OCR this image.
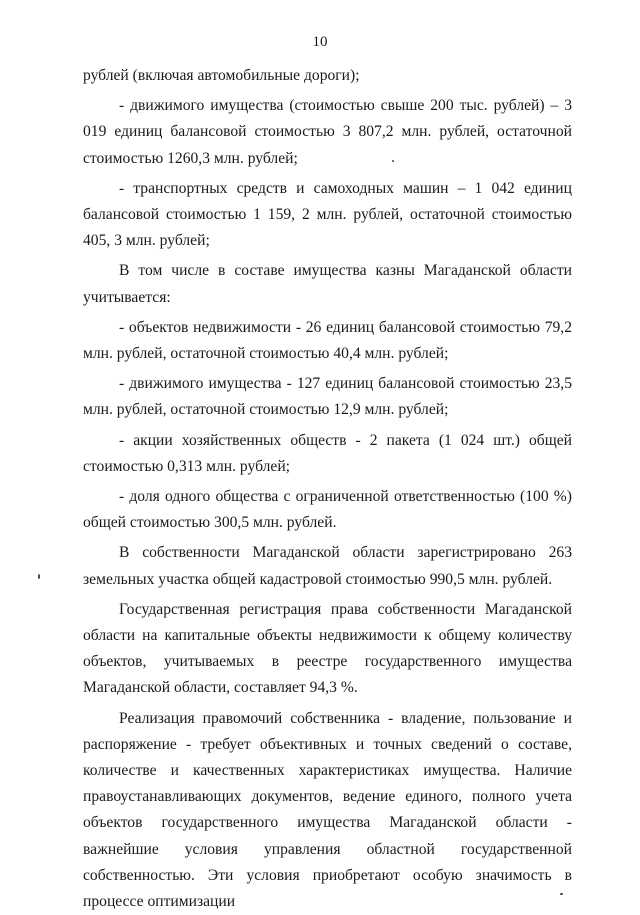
10

рублей (включая автомобильные дороги);

- движимого имущества (стоимостью свыше 200 тыс. рублей) – 3 019 единиц балансовой стоимостью 3 807,2 млн. рублей, остаточной стоимостью 1260,3 млн. рублей;

- транспортных средств и самоходных машин – 1 042 единиц балансовой стоимостью 1 159, 2 млн. рублей, остаточной стоимостью 405, 3 млн. рублей;

В том числе в составе имущества казны Магаданской области учитывается:

- объектов недвижимости - 26 единиц балансовой стоимостью 79,2 млн. рублей, остаточной стоимостью 40,4 млн. рублей;

- движимого имущества - 127 единиц балансовой стоимостью 23,5 млн. рублей, остаточной стоимостью 12,9 млн. рублей;

- акции хозяйственных обществ - 2 пакета (1 024 шт.) общей стоимостью 0,313 млн. рублей;

- доля одного общества с ограниченной ответственностью (100 %) общей стоимостью 300,5 млн. рублей.

В собственности Магаданской области зарегистрировано 263 земельных участка общей кадастровой стоимостью 990,5 млн. рублей.

Государственная регистрация права собственности Магаданской области на капитальные объекты недвижимости к общему количеству объектов, учитываемых в реестре государственного имущества Магаданской области, составляет 94,3 %.

Реализация правомочий собственника - владение, пользование и распоряжение - требует объективных и точных сведений о составе, количестве и качественных характеристиках имущества. Наличие правоустанавливающих документов, ведение единого, полного учета объектов государственного имущества Магаданской области - важнейшие условия управления областной государственной собственностью. Эти условия приобретают особую значимость в процессе оптимизации
